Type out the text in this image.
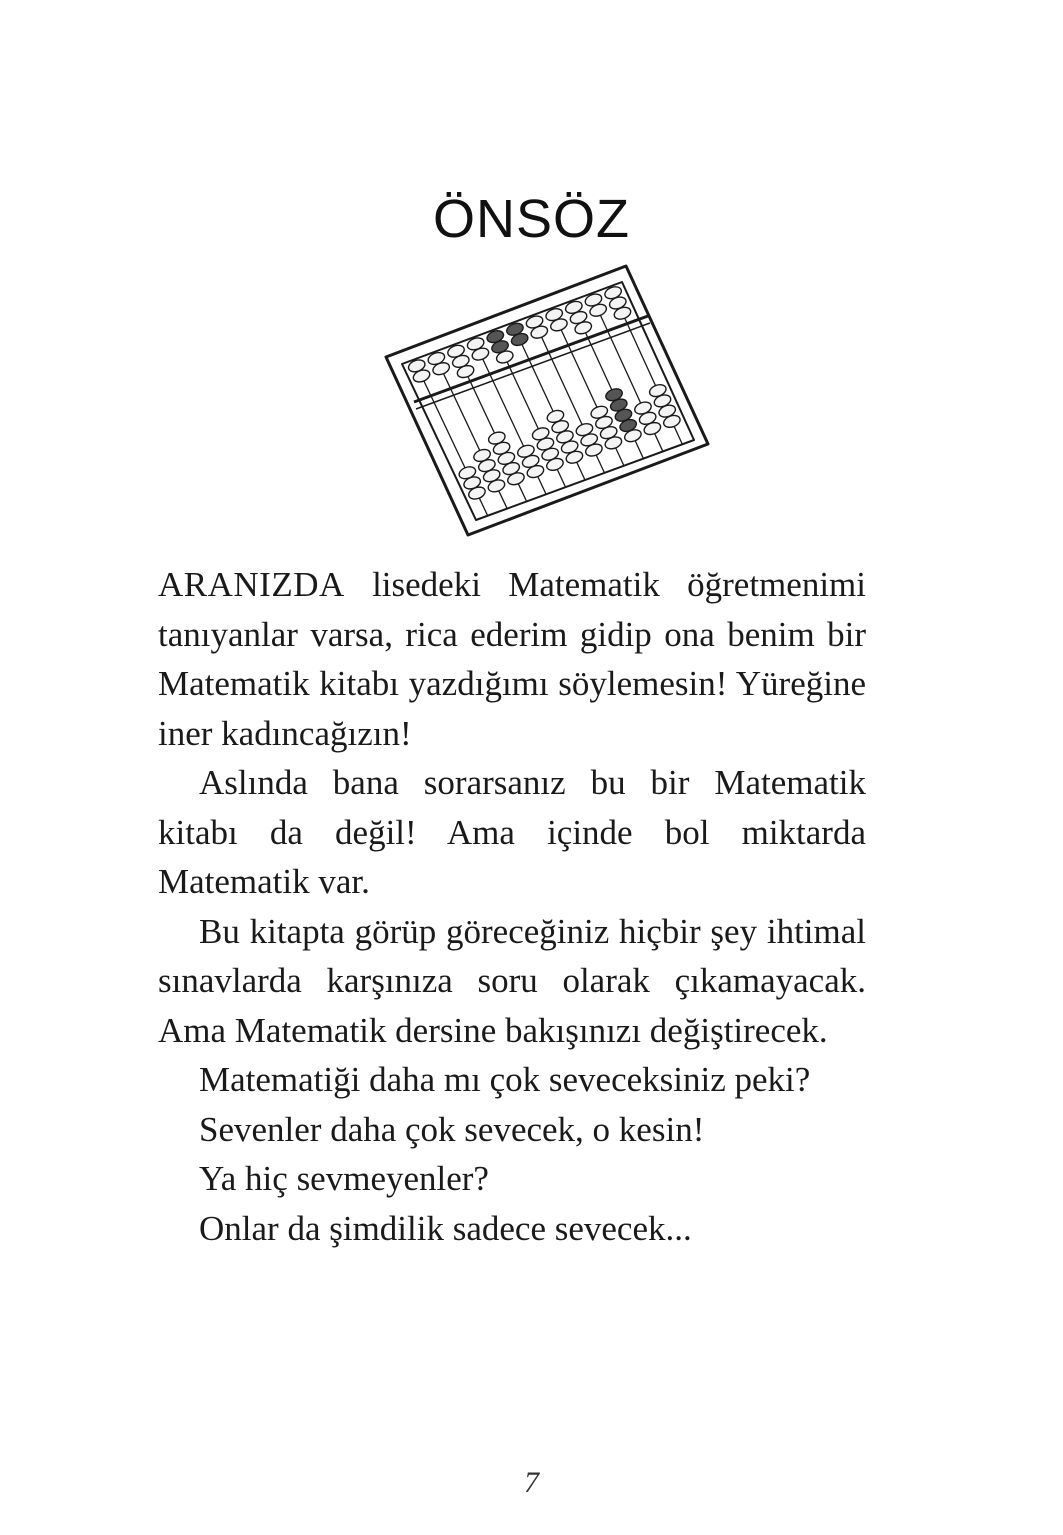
ÖNSÖZ

ARANIZDA lisedeki Matematik öğretmenimi tanıyanlar varsa, rica ederim gidip ona benim bir Matematik kitabı yazdığımı söylemesin! Yüreğine iner kadıncağızın!

Aslında bana sorarsanız bu bir Matematik kitabı da değil! Ama içinde bol miktarda Matematik var.

Bu kitapta görüp göreceğiniz hiçbir şey ihtimal sınavlarda karşınıza soru olarak çıkamayacak. Ama Matematik dersine bakışınızı değiştirecek.

Matematiği daha mı çok seveceksiniz peki?

Sevenler daha çok sevecek, o kesin!

Ya hiç sevmeyenler?

Onlar da şimdilik sadece sevecek...

7
